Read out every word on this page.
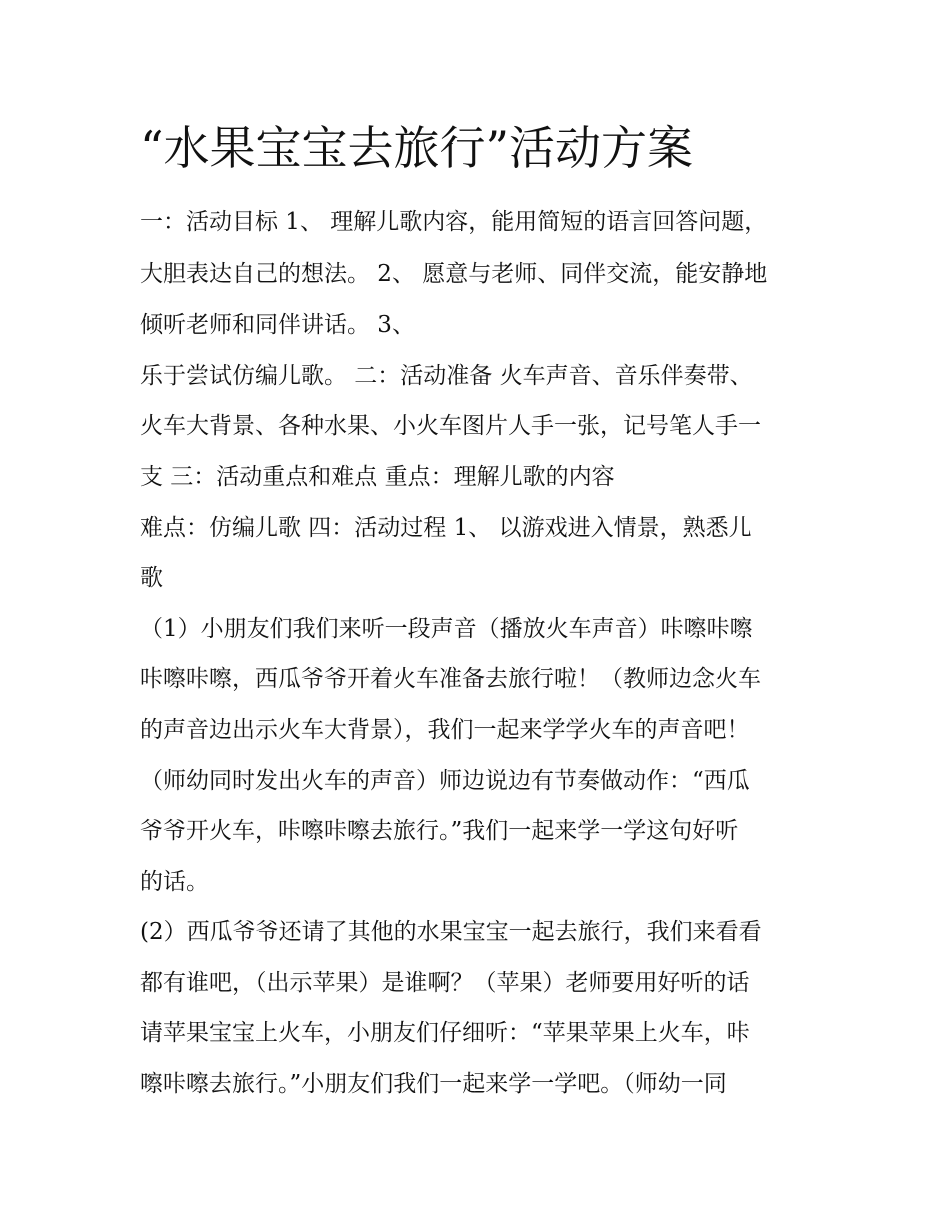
“水果宝宝去旅行”活动方案

一：活动目标 1、 理解儿歌内容，能用简短的语言回答问题，

大胆表达自己的想法。 2、 愿意与老师、同伴交流，能安静地

倾听老师和同伴讲话。 3、

乐于尝试仿编儿歌。 二：活动准备 火车声音、音乐伴奏带、

火车大背景、各种水果、小火车图片人手一张，记号笔人手一

支 三：活动重点和难点 重点：理解儿歌的内容

难点：仿编儿歌 四：活动过程 1、 以游戏进入情景，熟悉儿

歌

（1）小朋友们我们来听一段声音（播放火车声音）咔嚓咔嚓

咔嚓咔嚓，西瓜爷爷开着火车准备去旅行啦！（教师边念火车

的声音边出示火车大背景），我们一起来学学火车的声音吧！

（师幼同时发出火车的声音）师边说边有节奏做动作：“西瓜

爷爷开火车，咔嚓咔嚓去旅行。”我们一起来学一学这句好听

的话。

(2）西瓜爷爷还请了其他的水果宝宝一起去旅行，我们来看看

都有谁吧，（出示苹果）是谁啊？（苹果）老师要用好听的话

请苹果宝宝上火车，小朋友们仔细听：“苹果苹果上火车，咔

嚓咔嚓去旅行。”小朋友们我们一起来学一学吧。（师幼一同
